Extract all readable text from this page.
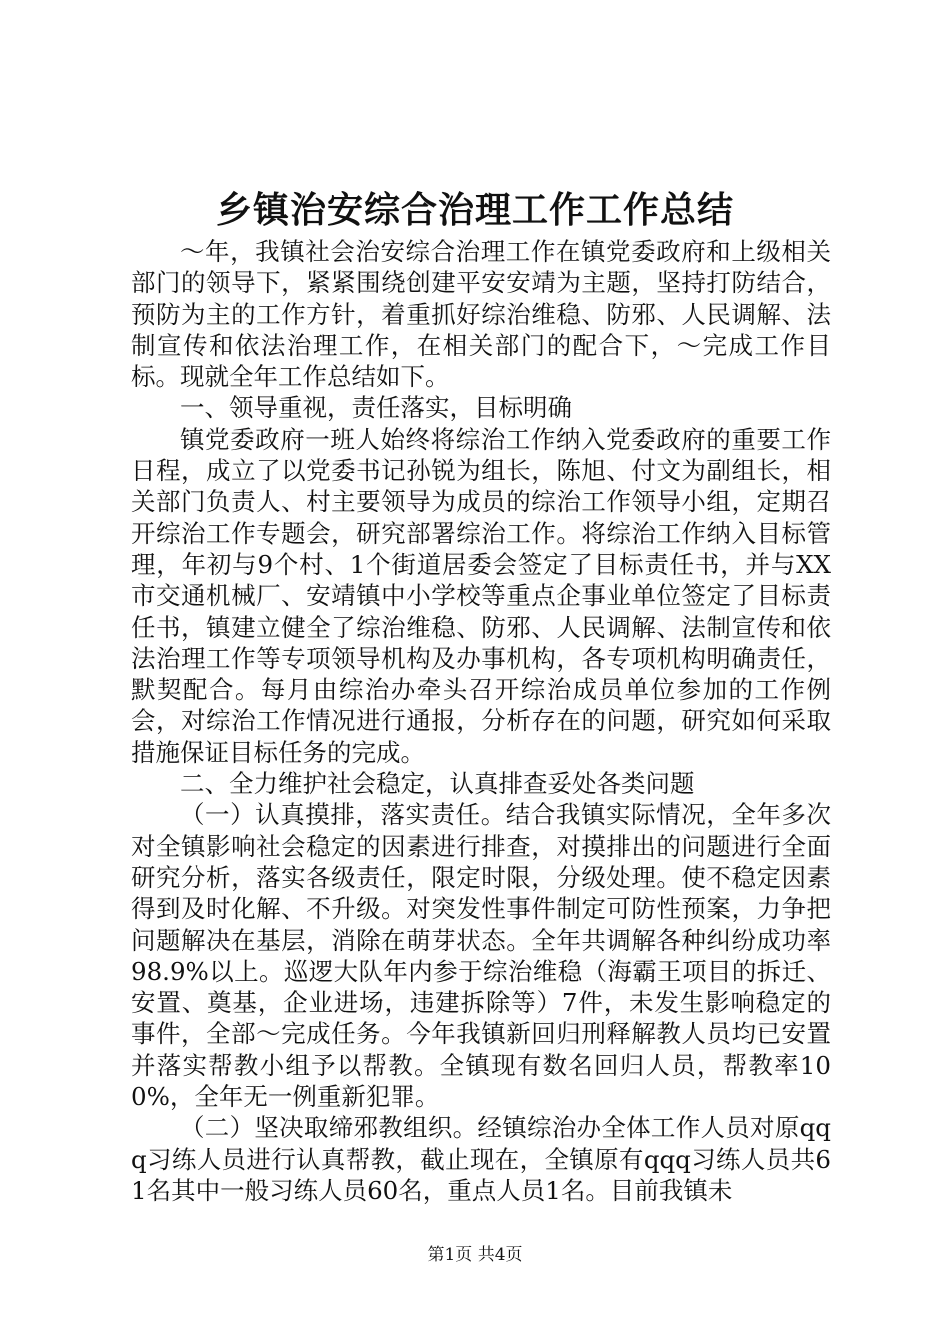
乡镇治安综合治理工作工作总结

～年，我镇社会治安综合治理工作在镇党委政府和上级相关部门的领导下，紧紧围绕创建平安安靖为主题，坚持打防结合，预防为主的工作方针，着重抓好综治维稳、防邪、人民调解、法制宣传和依法治理工作，在相关部门的配合下，～完成工作目标。现就全年工作总结如下。

一、领导重视，责任落实，目标明确

镇党委政府一班人始终将综治工作纳入党委政府的重要工作日程，成立了以党委书记孙锐为组长，陈旭、付文为副组长，相关部门负责人、村主要领导为成员的综治工作领导小组，定期召开综治工作专题会，研究部署综治工作。将综治工作纳入目标管理，年初与9个村、1个街道居委会签定了目标责任书，并与XX市交通机械厂、安靖镇中小学校等重点企事业单位签定了目标责任书，镇建立健全了综治维稳、防邪、人民调解、法制宣传和依法治理工作等专项领导机构及办事机构，各专项机构明确责任，默契配合。每月由综治办牵头召开综治成员单位参加的工作例会，对综治工作情况进行通报，分析存在的问题，研究如何采取措施保证目标任务的完成。

二、全力维护社会稳定，认真排查妥处各类问题

（一）认真摸排，落实责任。结合我镇实际情况，全年多次对全镇影响社会稳定的因素进行排查，对摸排出的问题进行全面研究分析，落实各级责任，限定时限，分级处理。使不稳定因素得到及时化解、不升级。对突发性事件制定可防性预案，力争把问题解决在基层，消除在萌芽状态。全年共调解各种纠纷成功率98.9%以上。巡逻大队年内参于综治维稳（海霸王项目的拆迁、安置、奠基，企业进场，违建拆除等）7件，未发生影响稳定的事件，全部～完成任务。今年我镇新回归刑释解教人员均已安置并落实帮教小组予以帮教。全镇现有数名回归人员，帮教率100%，全年无一例重新犯罪。

（二）坚决取缔邪教组织。经镇综治办全体工作人员对原qqq习练人员进行认真帮教，截止现在，全镇原有qqq习练人员共61名其中一般习练人员60名，重点人员1名。目前我镇未

第1页 共4页
